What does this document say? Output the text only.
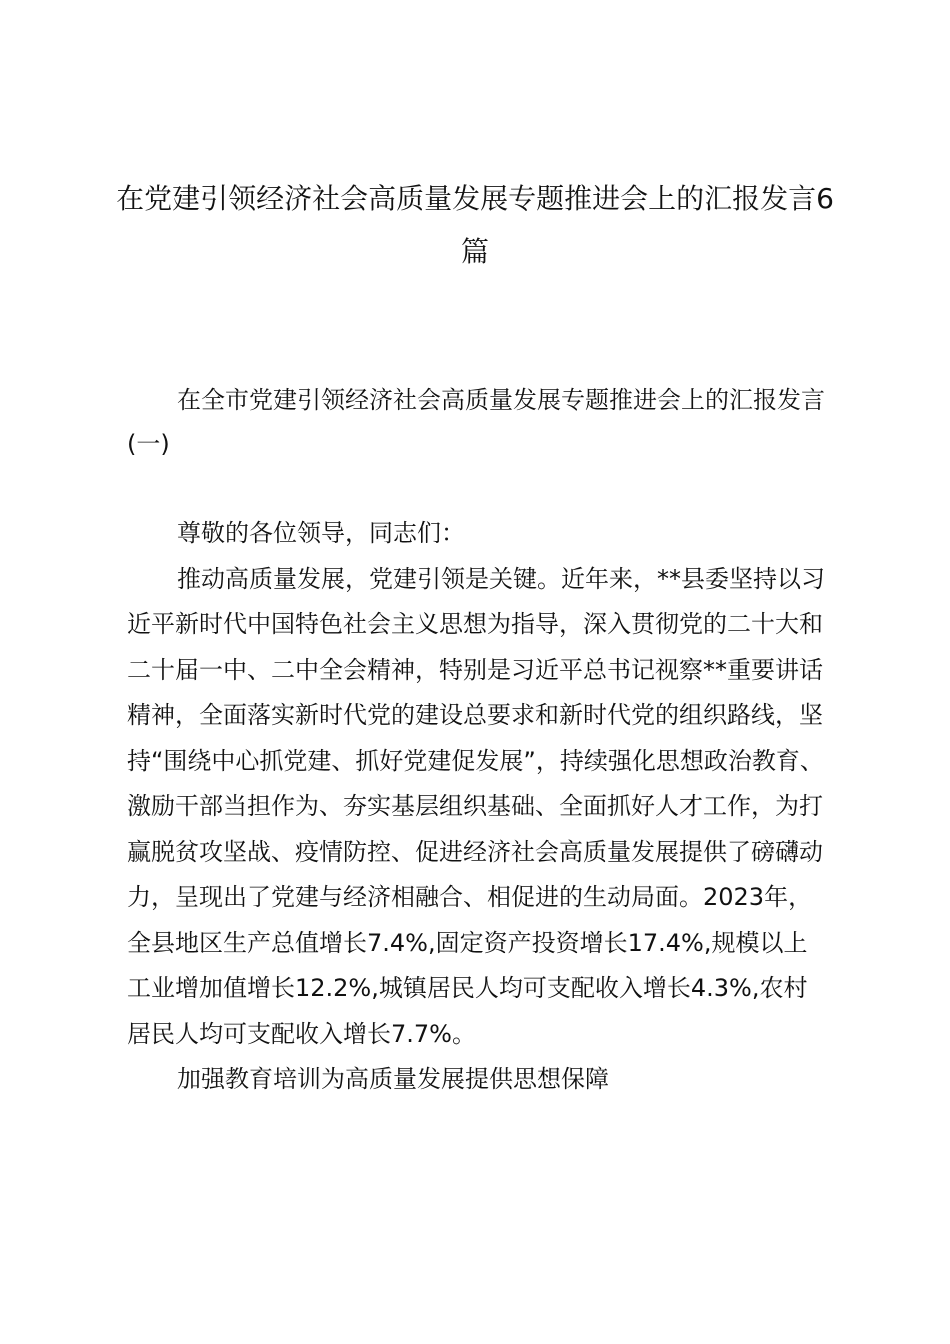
在党建引领经济社会高质量发展专题推进会上的汇报发言6篇

在全市党建引领经济社会高质量发展专题推进会上的汇报发言(一)

尊敬的各位领导，同志们：

推动高质量发展，党建引领是关键。近年来，**县委坚持以习近平新时代中国特色社会主义思想为指导，深入贯彻党的二十大和二十届一中、二中全会精神，特别是习近平总书记视察**重要讲话精神，全面落实新时代党的建设总要求和新时代党的组织路线，坚持“围绕中心抓党建、抓好党建促发展”，持续强化思想政治教育、激励干部当担作为、夯实基层组织基础、全面抓好人才工作，为打赢脱贫攻坚战、疫情防控、促进经济社会高质量发展提供了磅礴动力，呈现出了党建与经济相融合、相促进的生动局面。2023年，全县地区生产总值增长7.4%,固定资产投资增长17.4%,规模以上工业增加值增长12.2%,城镇居民人均可支配收入增长4.3%,农村居民人均可支配收入增长7.7%。

加强教育培训为高质量发展提供思想保障
